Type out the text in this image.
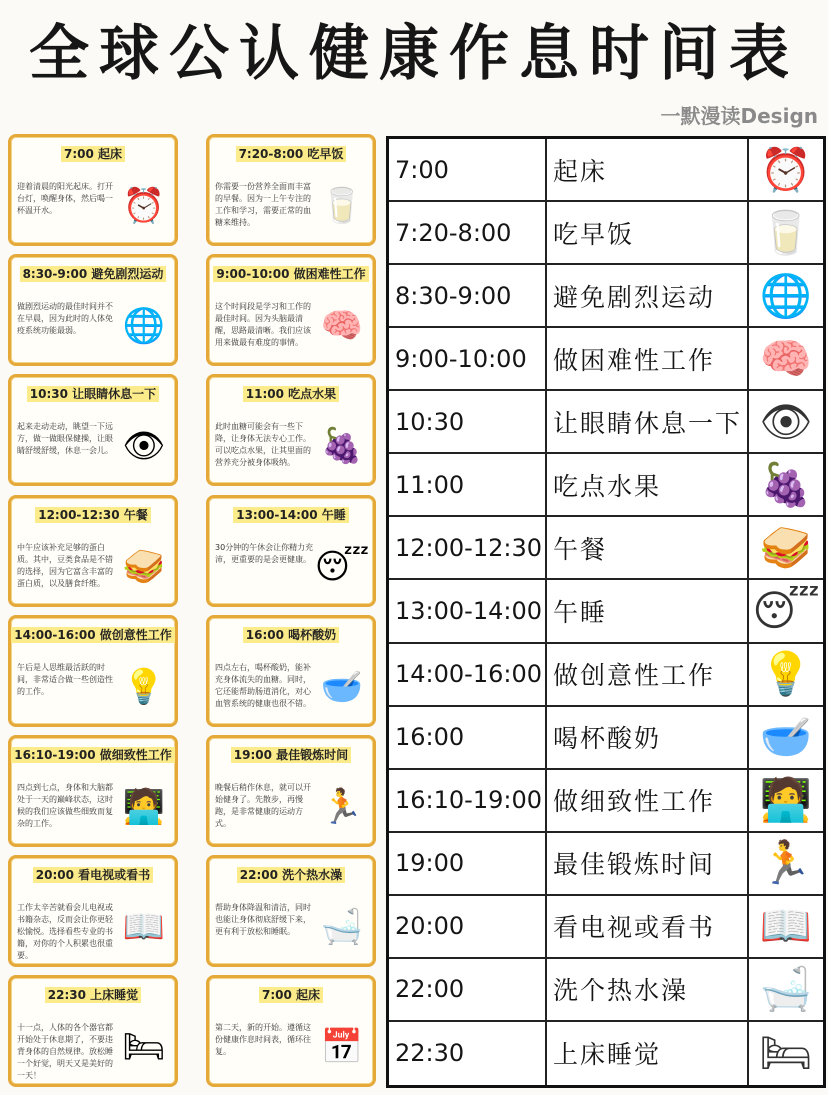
全球公认健康作息时间表
一默漫读Design
7:00 起床
迎着清晨的阳光起床。打开台灯，唤醒身体，然后喝一杯温开水。	⏰
7:20-8:00 吃早饭
你需要一份营养全面而丰富的早餐。因为一上午专注的工作和学习，需要正常的血糖来维持。	🥛
8:30-9:00 避免剧烈运动
做剧烈运动的最佳时间并不在早晨，因为此时的人体免疫系统功能最弱。	🌐
9:00-10:00 做困难性工作
这个时间段是学习和工作的最佳时间。因为头脑最清醒，思路最清晰。我们应该用来做最有难度的事情。 🧠
10:30 让眼睛休息一下
起来走动走动，眺望一下远方，做一做眼保健操，让眼睛舒缓舒缓，休息一会儿。 👁
11:00 吃点水果
此时血糖可能会有一些下降，让身体无法专心工作。可以吃点水果，让其里面的营养充分被身体吸纳。 🍇
12:00-12:30 午餐
中午应该补充足够的蛋白质。其中，豆类食品是不错的选择，因为它富含丰富的蛋白质，以及膳食纤维。 🥪
13:00-14:00 午睡
30分钟的午休会让你精力充沛，更重要的是会更健康。 😴
14:00-16:00 做创意性工作
午后是人思维最活跃的时间，非常适合做一些创造性的工作。	💡
16:00 喝杯酸奶
四点左右，喝杯酸奶，能补充身体流失的血糖。同时，它还能帮助肠道消化，对心血管系统的健康也很不错。 🥣
16:10-19:00 做细致性工作
四点到七点，身体和大脑都处于一天的巅峰状态，这时候的我们应该做些细致而复杂的工作。	🧑‍💻
19:00 最佳锻炼时间
晚餐后稍作休息，就可以开始健身了。先散步，再慢跑，是非常健康的运动方式。	🏃
20:00 看电视或看书
工作太辛苦就看会儿电视或书籍杂志，反而会让你更轻松愉悦。选择看些专业的书籍，对你的个人积累也很重要。
📖
22:00 洗个热水澡
帮助身体降温和清洁，同时也能让身体彻底舒缓下来，更有利于放松和睡眠。 🛁
22:30 上床睡觉
十一点，人体的各个器官都开始处于休息期了，不要违背身体的自然规律。放松睡一个好觉，明天又是美好的一天！
🛏
7:00 起床
第二天，新的开始。遵循这份健康作息时间表，循环往复。	📅
7:00	起床	⏰
7:20-8:00	吃早饭	🥛
8:30-9:00	避免剧烈运动	🌐
9:00-10:00	做困难性工作	🧠
10:30	让眼睛休息一下 👁
11:00	吃点水果	🍇
12:00-12:30 午餐	🥪
13:00-14:00 午睡	😴
14:00-16:00 做创意性工作	💡
16:00	喝杯酸奶	🥣
16:10-19:00 做细致性工作	🧑‍💻
19:00	最佳锻炼时间	🏃
20:00	看电视或看书	📖
22:00	洗个热水澡	🛁
22:30	上床睡觉	🛏
